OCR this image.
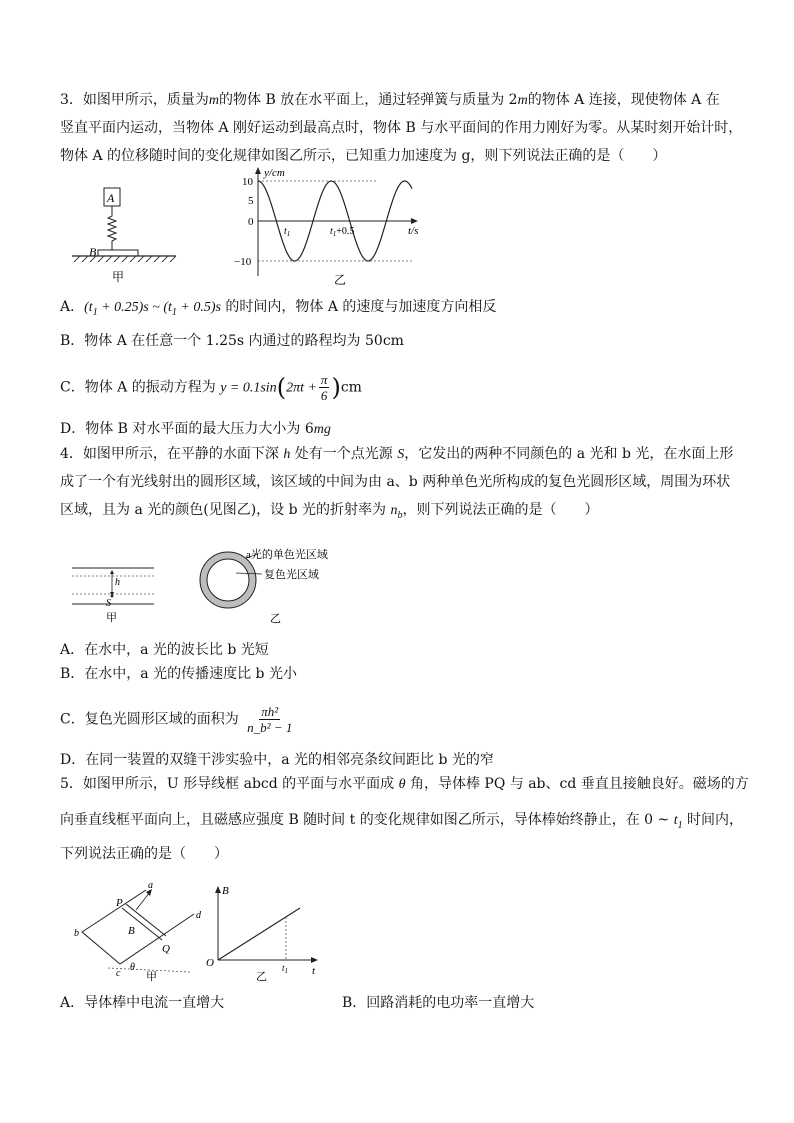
3．如图甲所示，质量为m的物体 B 放在水平面上，通过轻弹簧与质量为 2m的物体 A 连接，现使物体 A 在
竖直平面内运动，当物体 A 刚好运动到最高点时，物体 B 与水平面间的作用力刚好为零。从某时刻开始计时，
物体 A 的位移随时间的变化规律如图乙所示，已知重力加速度为 g，则下列说法正确的是（　　）
A
B
甲
y/cm
t/s
10
5
0
−10
$t_1$	$t_1+0.5$
乙
A．$(t_1 + 0.25)s$ ~ $(t_1 + 0.5)s$ 的时间内，物体 A 的速度与加速度方向相反
B．物体 A 在任意一个 1.25s 内通过的路程均为 50cm
C．物体 A 的振动方程为 $y = 0.1\sin(2\pi t + \frac{\pi}{6} )cm$
D．物体 B 对水平面的最大压力大小为 6mg
4．如图甲所示，在平静的水面下深 h 处有一个点光源 S，它发出的两种不同颜色的 a 光和 b 光，在水面上形
成了一个有光线射出的圆形区域，该区域的中间为由 a、b 两种单色光所构成的复色光圆形区域，周围为环状
区域，且为 a 光的颜色(见图乙)，设 b 光的折射率为 $n_b$，则下列说法正确的是（　　）
h
S
甲
a光的单色光区域
复色光区域
乙
A．在水中，a 光的波长比 b 光短
B．在水中，a 光的传播速度比 b 光小
C．复色光圆形区域的面积为 $\frac{\text{πh²}}{\text{n\_b² − 1}}$
D．在同一装置的双缝干涉实验中，a 光的相邻亮条纹间距比 b 光的窄
5．如图甲所示，U 形导线框 abcd 的平面与水平面成 θ 角，导体棒 PQ 与 ab、cd 垂直且接触良好。磁场的方
向垂直线框平面向上，且磁感应强度 B 随时间 t 的变化规律如图乙所示，导体棒始终静止，在 0 ~ $t_1$ 时间内，
下列说法正确的是（　　）
a
b
c
d
P
Q
B
θ
甲
B
t
O	$t_1$
乙
A．导体棒中电流一直增大	B．回路消耗的电功率一直增大
